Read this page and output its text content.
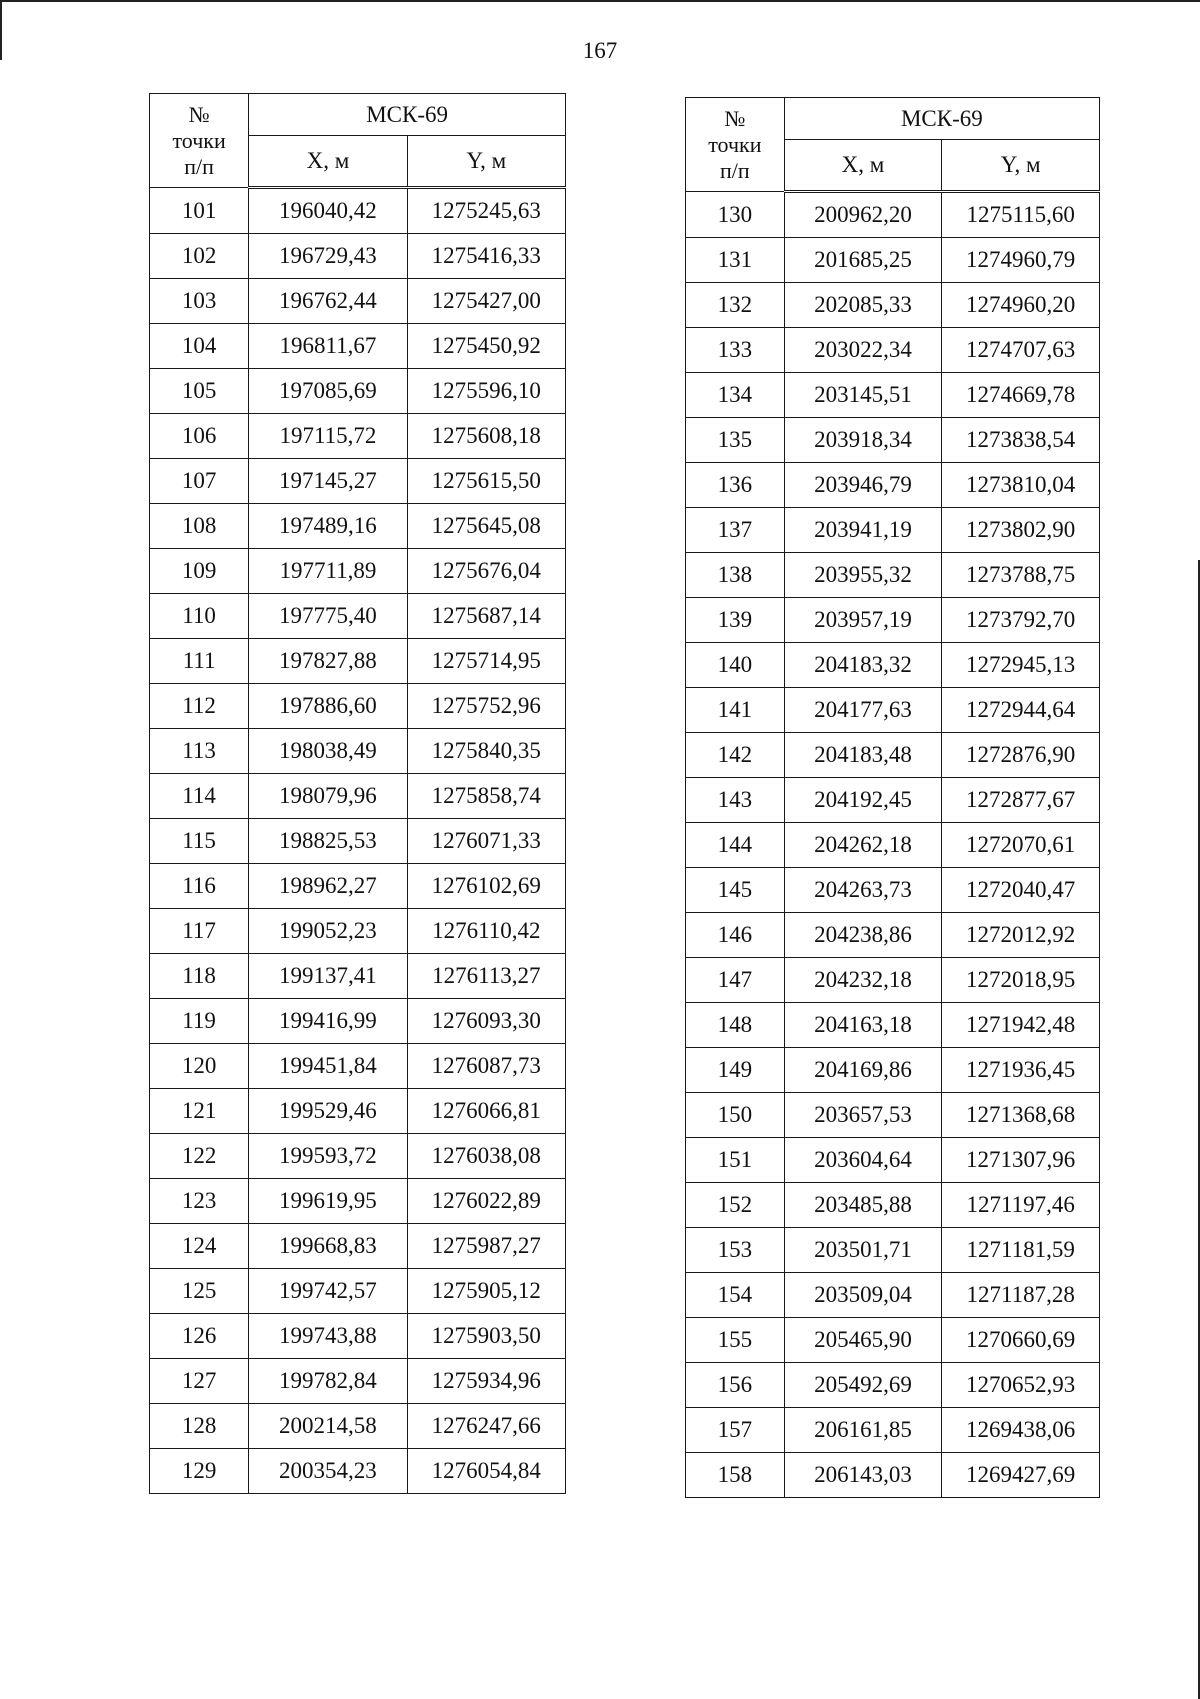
167
№
точки
п/п	МСК-69	
	X, м	Y, м
101	196040,42	1275245,63
102	196729,43	1275416,33
103	196762,44	1275427,00
104	196811,67	1275450,92
105	197085,69	1275596,10
106	197115,72	1275608,18
107	197145,27	1275615,50
108	197489,16	1275645,08
109	197711,89	1275676,04
110	197775,40	1275687,14
111	197827,88	1275714,95
112	197886,60	1275752,96
113	198038,49	1275840,35
114	198079,96	1275858,74
115	198825,53	1276071,33
116	198962,27	1276102,69
117	199052,23	1276110,42
118	199137,41	1276113,27
119	199416,99	1276093,30
120	199451,84	1276087,73
121	199529,46	1276066,81
122	199593,72	1276038,08
123	199619,95	1276022,89
124	199668,83	1275987,27
125	199742,57	1275905,12
126	199743,88	1275903,50
127	199782,84	1275934,96
128	200214,58	1276247,66
129	200354,23	1276054,84
№
точки
п/п	МСК-69	
	X, м	Y, м
130	200962,20	1275115,60
131	201685,25	1274960,79
132	202085,33	1274960,20
133	203022,34	1274707,63
134	203145,51	1274669,78
135	203918,34	1273838,54
136	203946,79	1273810,04
137	203941,19	1273802,90
138	203955,32	1273788,75
139	203957,19	1273792,70
140	204183,32	1272945,13
141	204177,63	1272944,64
142	204183,48	1272876,90
143	204192,45	1272877,67
144	204262,18	1272070,61
145	204263,73	1272040,47
146	204238,86	1272012,92
147	204232,18	1272018,95
148	204163,18	1271942,48
149	204169,86	1271936,45
150	203657,53	1271368,68
151	203604,64	1271307,96
152	203485,88	1271197,46
153	203501,71	1271181,59
154	203509,04	1271187,28
155	205465,90	1270660,69
156	205492,69	1270652,93
157	206161,85	1269438,06
158	206143,03	1269427,69
